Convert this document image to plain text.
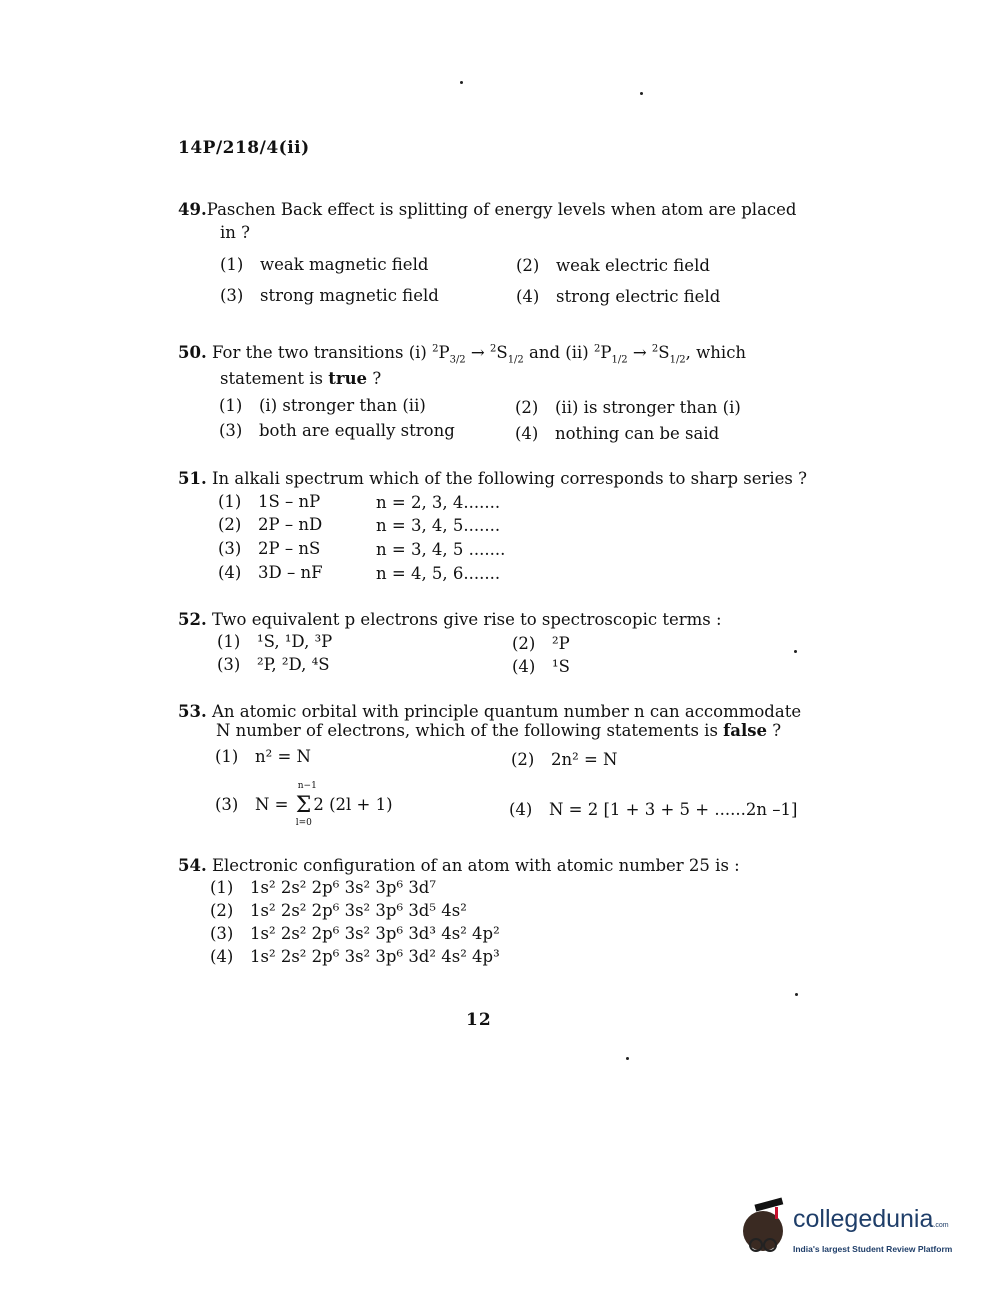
14P/218/4(ii)
49.Paschen Back effect is splitting of energy levels when atom are placed
in ?
(1) weak magnetic field	(2) weak electric field
(3) strong magnetic field	(4) strong electric field
50. For the two transitions (i) $^2P_{3/2} \to ^2S_{1/2}$ and (ii) $^2P_{1/2} \to ^2S_{1/2}$, which
statement is true ?
(1) (i) stronger than (ii)	(2) (ii) is stronger than (i)
(3) both are equally strong	(4) nothing can be said
51. In alkali spectrum which of the following corresponds to sharp series ?
(1) 1S – nP	n = 2, 3, 4.......
(2) 2P – nD	n = 3, 4, 5.......
(3) 2P – nS	n = 3, 4, 5 .......
(4) 3D – nF	n = 4, 5, 6.......
52. Two equivalent p electrons give rise to spectroscopic terms :
(1) ¹S, ¹D, ³P	(2) ²P
(3) ²P, ²D, ⁴S	(4) ¹S
53. An atomic orbital with principle quantum number n can accommodate
N number of electrons, which of the following statements is false ?
(1) n² = N	(2) 2n² = N
(3) N =
n−1
Σ
l=0
2 (2l + 1)	(4) N = 2 [1 + 3 + 5 + ......2n –1]
54. Electronic configuration of an atom with atomic number 25 is :
(1) 1s² 2s² 2p⁶ 3s² 3p⁶ 3d⁷
(2) 1s² 2s² 2p⁶ 3s² 3p⁶ 3d⁵ 4s²
(3) 1s² 2s² 2p⁶ 3s² 3p⁶ 3d³ 4s² 4p²
(4) 1s² 2s² 2p⁶ 3s² 3p⁶ 3d² 4s² 4p³
12
collegedunia.com
India's largest Student Review Platform
